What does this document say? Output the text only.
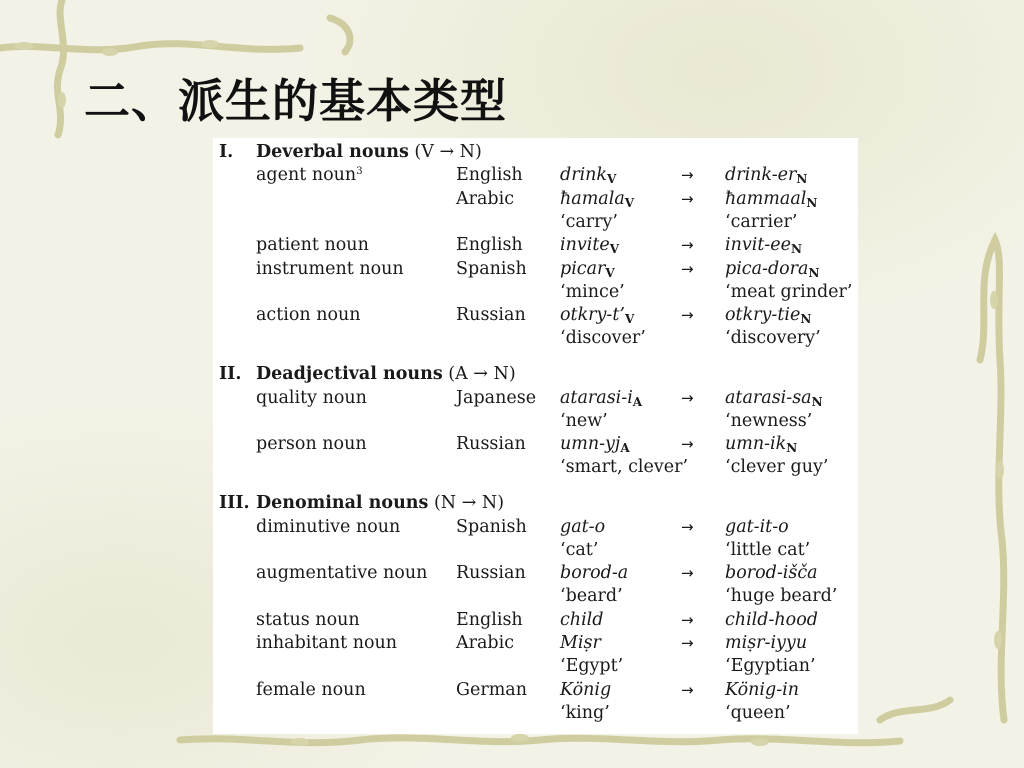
二、派生的基本类型
I.	Deverbal nouns (V → N)
agent noun$^3$	English drink$_V$	→ drink-$er_N$
Arabic	ħamala$_V$	→ ħammaal$_N$
‘carry’	‘carrier’
patient noun	English invite$_V$	→ invit-$ee_N$
instrument noun	Spanish picar$_V$	→ pica-dora$_N$
‘mince’	‘meat grinder’
action noun	Russian otkry-$t’_V$	→ otkry-tie$_N$
‘discover’	‘discovery’
II. Deadjectival nouns (A → N)
quality noun	Japanese atarasi-$i_A$	→ atarasi-$sa_N$
‘new’	‘newness’
person noun	Russian umn-$yj_A$	→ umn-$ik_N$
‘smart, clever’ ‘clever guy’
III. Denominal nouns (N → N)
diminutive noun	Spanish gat-o	→ gat-it-o
‘cat’	‘little cat’
augmentative noun Russian borod-a	→ borod-išča
‘beard’	‘huge beard’
status noun	English child	→ child-hood
inhabitant noun	Arabic	Miṣr	→ miṣr-iyyu
‘Egypt’	‘Egyptian’
female noun	German König	→ König-in
‘king’	‘queen’
